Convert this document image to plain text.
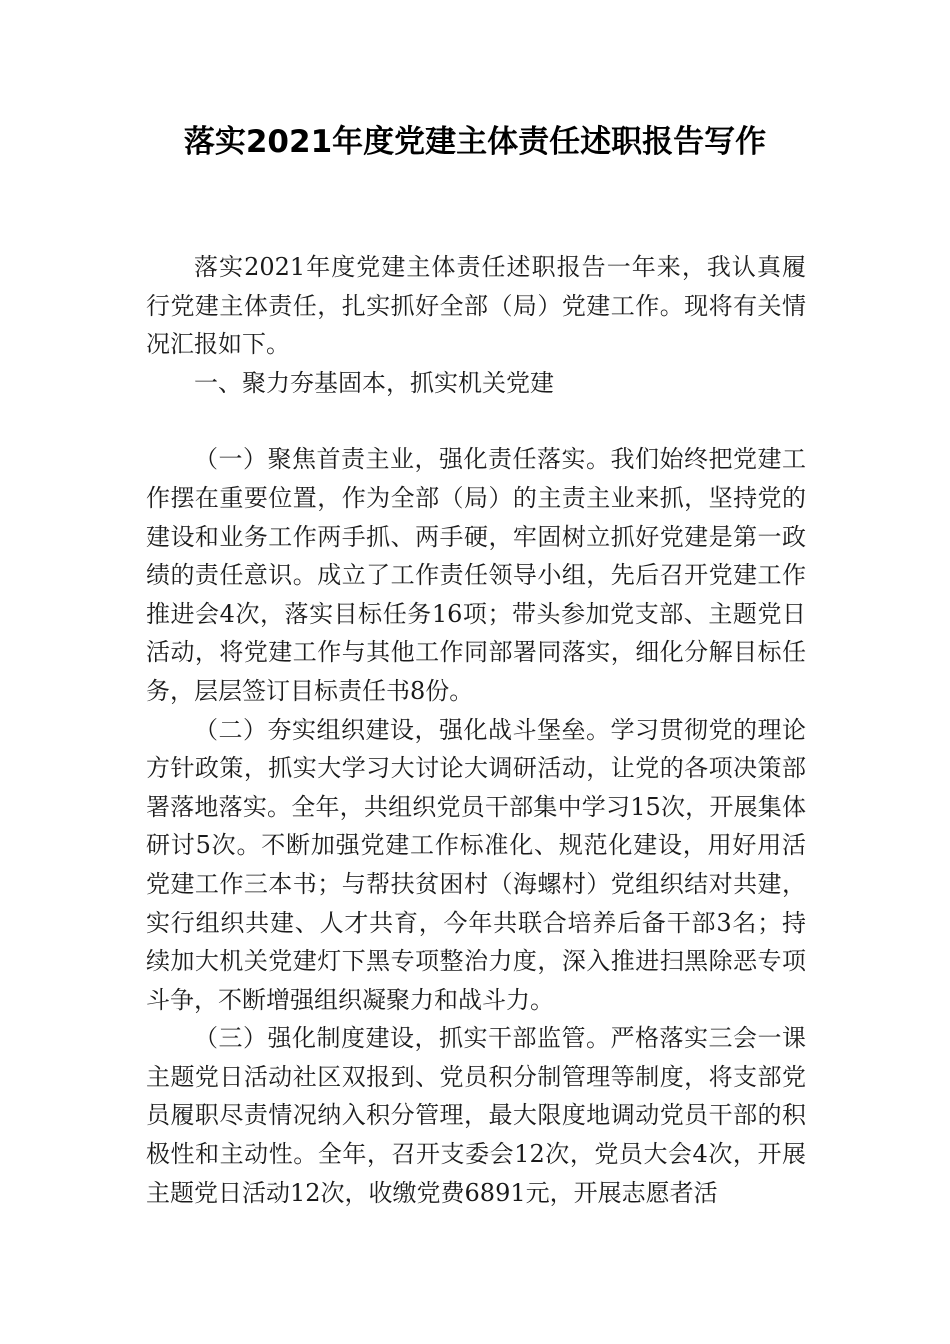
落实2021年度党建主体责任述职报告写作

落实2021年度党建主体责任述职报告一年来，我认真履行党建主体责任，扎实抓好全部（局）党建工作。现将有关情况汇报如下。

一、聚力夯基固本，抓实机关党建

（一）聚焦首责主业，强化责任落实。我们始终把党建工作摆在重要位置，作为全部（局）的主责主业来抓，坚持党的建设和业务工作两手抓、两手硬，牢固树立抓好党建是第一政绩的责任意识。成立了工作责任领导小组，先后召开党建工作推进会4次，落实目标任务16项；带头参加党支部、主题党日活动，将党建工作与其他工作同部署同落实，细化分解目标任务，层层签订目标责任书8份。

（二）夯实组织建设，强化战斗堡垒。学习贯彻党的理论方针政策，抓实大学习大讨论大调研活动，让党的各项决策部署落地落实。全年，共组织党员干部集中学习15次，开展集体研讨5次。不断加强党建工作标准化、规范化建设，用好用活党建工作三本书；与帮扶贫困村（海螺村）党组织结对共建，实行组织共建、人才共育，今年共联合培养后备干部3名；持续加大机关党建灯下黑专项整治力度，深入推进扫黑除恶专项斗争，不断增强组织凝聚力和战斗力。

（三）强化制度建设，抓实干部监管。严格落实三会一课主题党日活动社区双报到、党员积分制管理等制度，将支部党员履职尽责情况纳入积分管理，最大限度地调动党员干部的积极性和主动性。全年，召开支委会12次，党员大会4次，开展主题党日活动12次，收缴党费6891元，开展志愿者活
